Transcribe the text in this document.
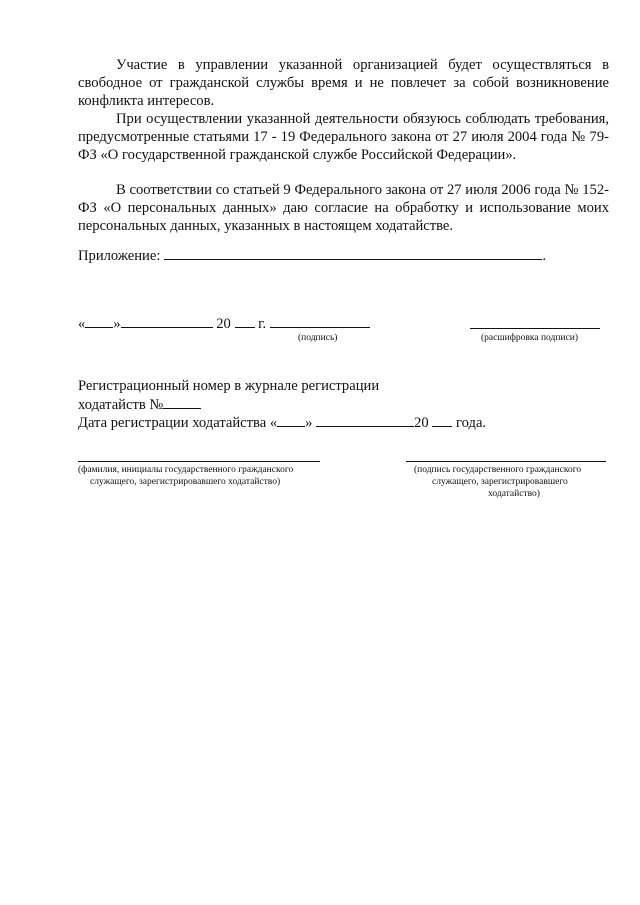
Участие в управлении указанной организацией будет осуществляться в свободное от гражданской службы время и не повлечет за собой возникновение конфликта интересов.

При осуществлении указанной деятельности обязуюсь соблюдать требования, предусмотренные статьями 17 - 19 Федерального закона от 27 июля 2004 года № 79-ФЗ «О государственной гражданской службе Российской Федерации».

В соответствии со статьей 9 Федерального закона от 27 июля 2006 года № 152-ФЗ «О персональных данных» даю согласие на обработку и использование моих персональных данных, указанных в настоящем ходатайстве.

Приложение:	.
« »	20 г.
(подпись)	(расшифровка подписи)
Регистрационный номер в журнале регистрации
ходатайств №
Дата регистрации ходатайства « »	20 года.
(фамилия, инициалы государственного гражданского
служащего, зарегистрировавшего ходатайство)
(подпись государственного гражданского
служащего, зарегистрировавшего
ходатайство)
